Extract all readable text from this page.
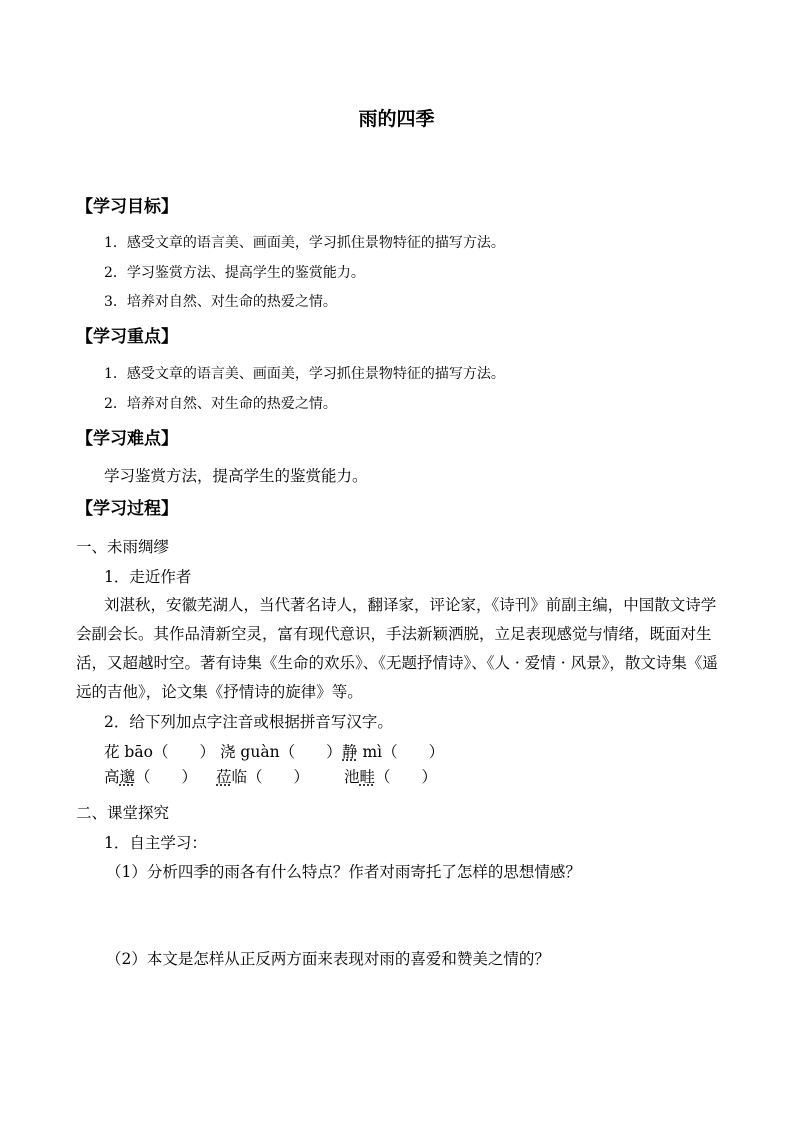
雨的四季
【学习目标】
1．感受文章的语言美、画面美，学习抓住景物特征的描写方法。
2．学习鉴赏方法、提高学生的鉴赏能力。
3．培养对自然、对生命的热爱之情。
【学习重点】
1．感受文章的语言美、画面美，学习抓住景物特征的描写方法。
2．培养对自然、对生命的热爱之情。
【学习难点】
学习鉴赏方法，提高学生的鉴赏能力。
【学习过程】
一、未雨绸缪
1．走近作者
刘湛秋，安徽芜湖人，当代著名诗人，翻译家，评论家，《诗刊》前副主编，中国散文诗学会副会长。其作品清新空灵，富有现代意识，手法新颖洒脱，立足表现感觉与情绪，既面对生活，又超越时空。著有诗集《生命的欢乐》、《无题抒情诗》、《人 · 爱情 · 风景》，散文诗集《遥远的吉他》，论文集《抒情诗的旋律》等。
2．给下列加点字注音或根据拼音写汉字。
花 bāo（　　） 浇 guàn（　　） 静 mì（　　）
高邈（　　） 莅临（　　） 池畦（　　）
二、课堂探究
1．自主学习：
（1）分析四季的雨各有什么特点？作者对雨寄托了怎样的思想情感？
（2）本文是怎样从正反两方面来表现对雨的喜爱和赞美之情的？
